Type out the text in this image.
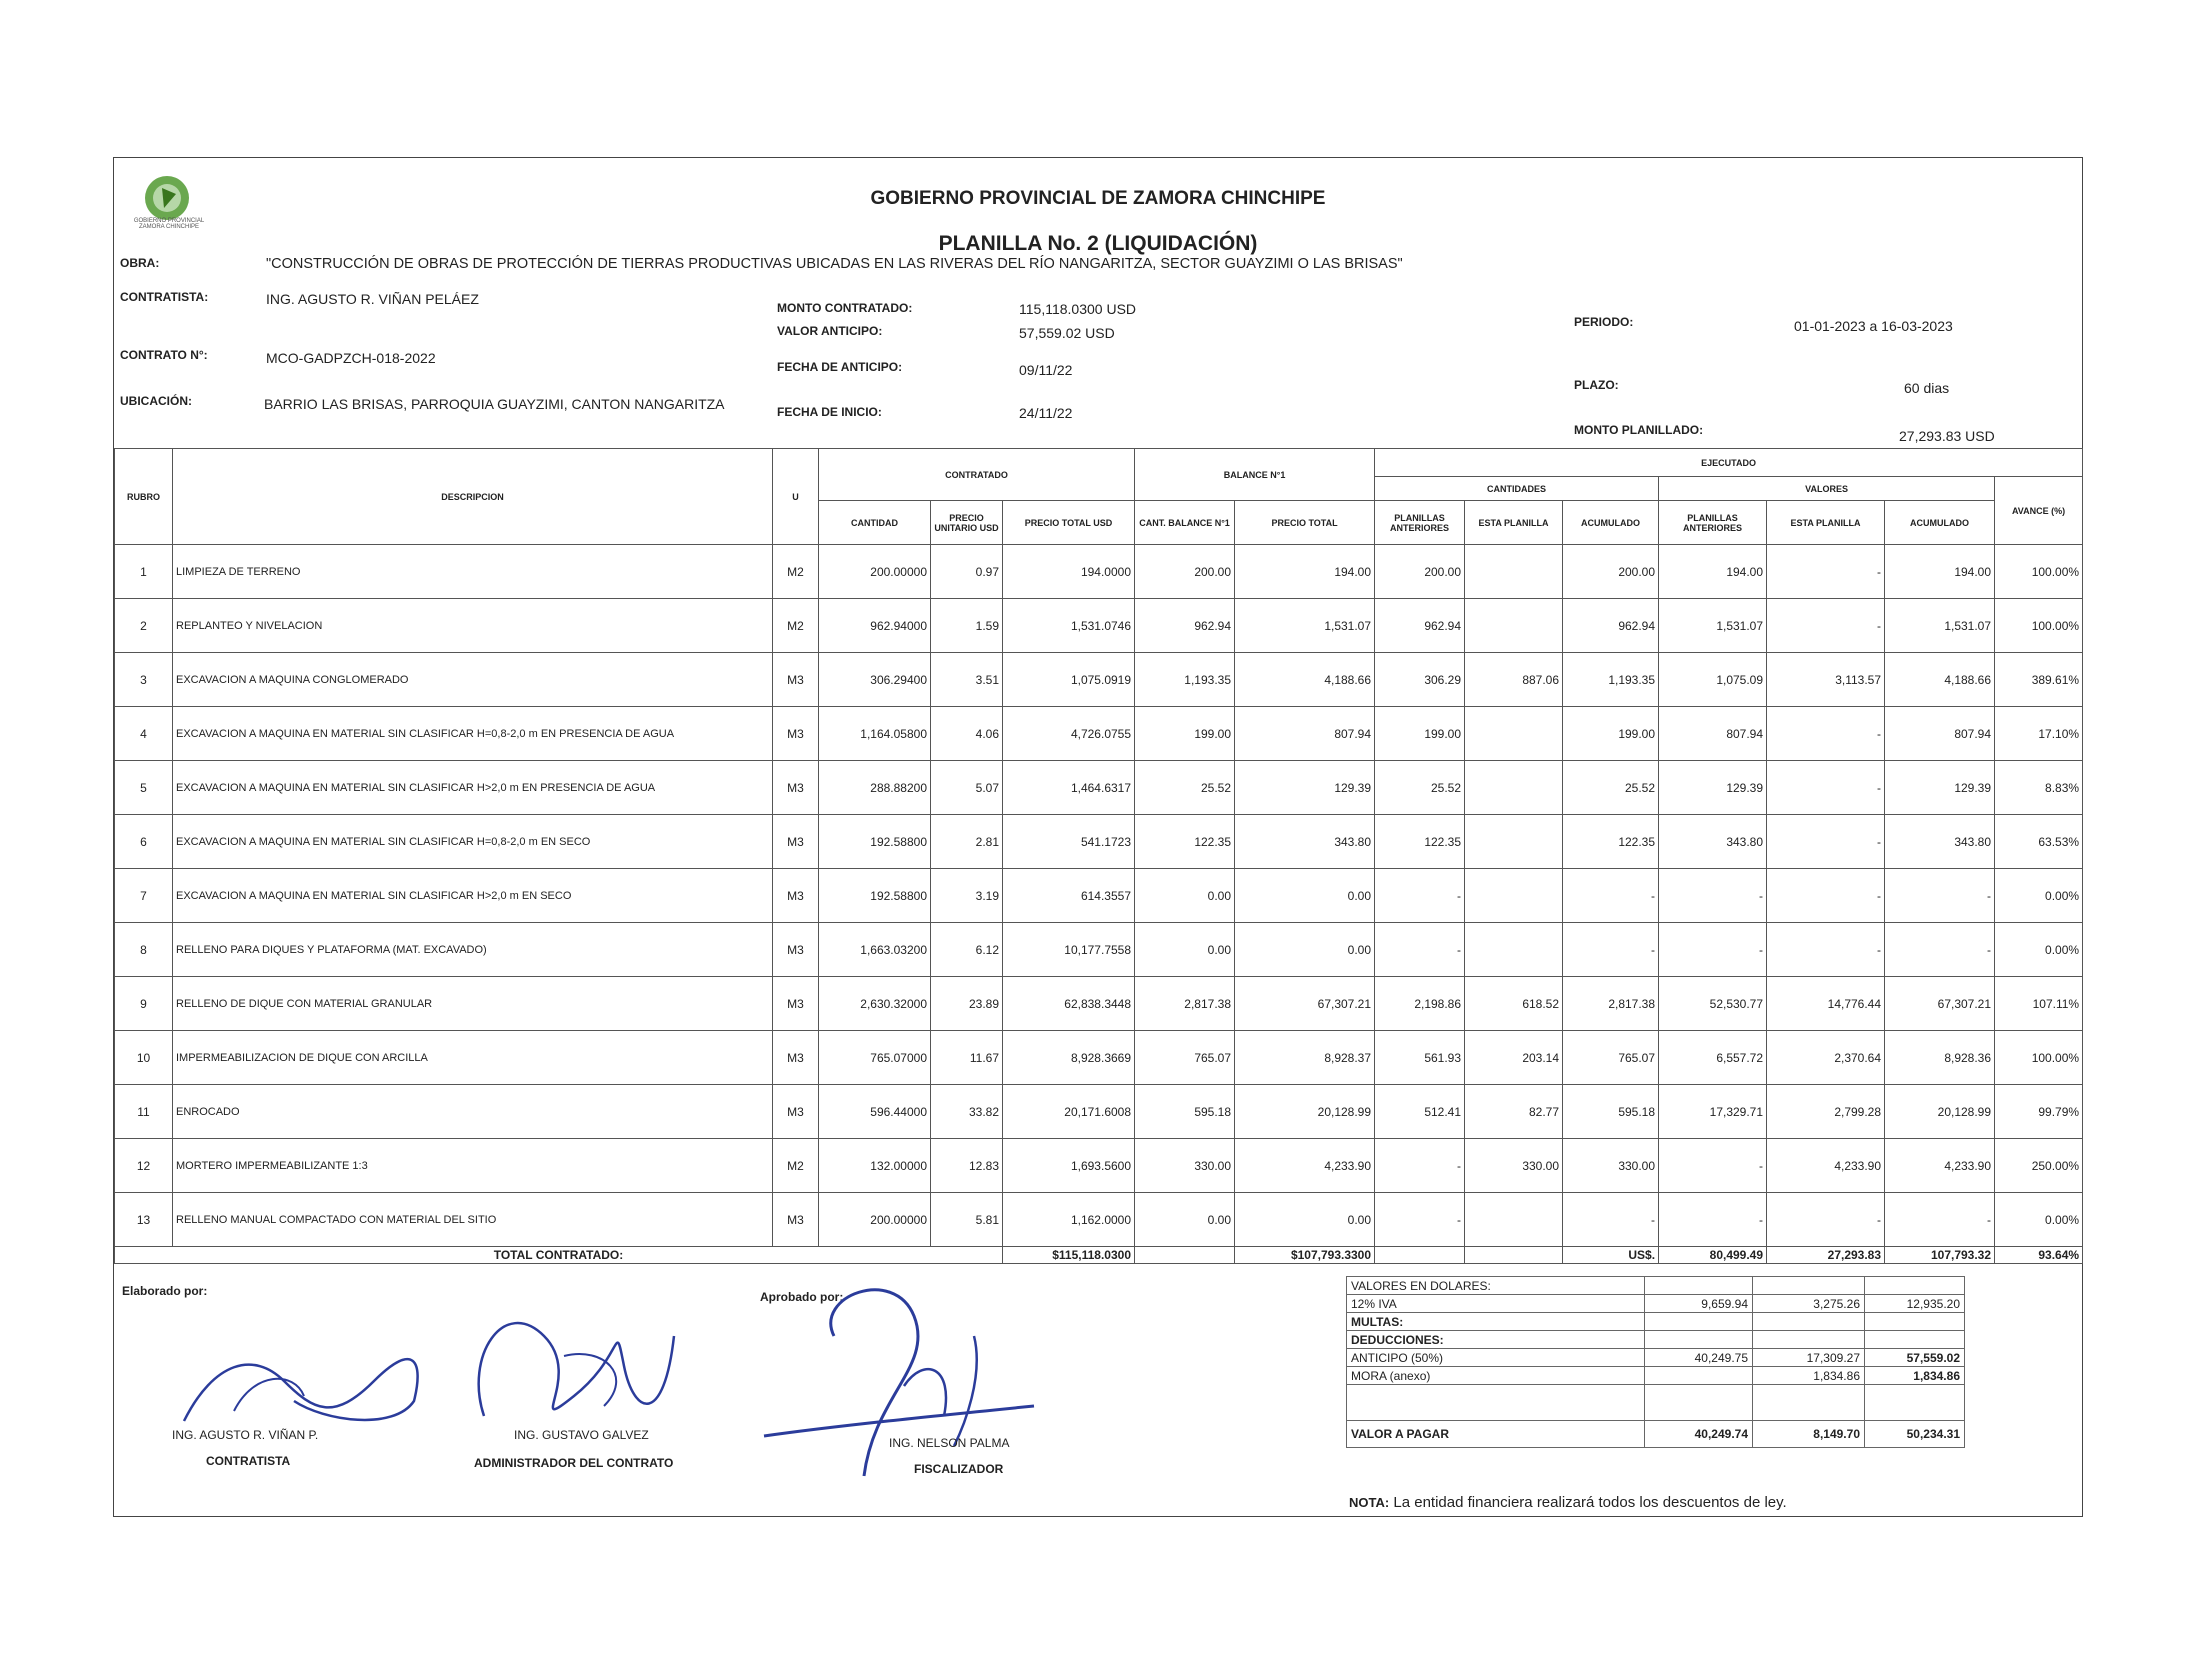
GOBIERNO PROVINCIAL ZAMORA CHINCHIPE
GOBIERNO PROVINCIAL DE ZAMORA CHINCHIPE
PLANILLA No. 2 (LIQUIDACIÓN)
OBRA:	"CONSTRUCCIÓN DE OBRAS DE PROTECCIÓN DE TIERRAS PRODUCTIVAS UBICADAS EN LAS RIVERAS DEL RÍO NANGARITZA, SECTOR GUAYZIMI O LAS BRISAS"
CONTRATISTA:	ING. AGUSTO R. VIÑAN PELÁEZ
CONTRATO N°:	MCO-GADPZCH-018-2022
UBICACIÓN:	BARRIO LAS BRISAS, PARROQUIA GUAYZIMI, CANTON NANGARITZA
MONTO CONTRATADO:	115,118.0300 USD
VALOR ANTICIPO:	57,559.02 USD
FECHA DE ANTICIPO:	09/11/22
FECHA DE INICIO:	24/11/22
PERIODO:	01-01-2023 a 16-03-2023
PLAZO:	60 dias
MONTO PLANILLADO:	27,293.83 USD
RUBRO	DESCRIPCION	U	CONTRATADO			BALANCE N°1		EJECUTADO						
								CANTIDADES			VALORES			AVANCE (%)
			CANTIDAD	PRECIO UNITARIO USD	PRECIO TOTAL USD	CANT. BALANCE N°1	PRECIO TOTAL	PLANILLAS ANTERIORES	ESTA PLANILLA	ACUMULADO	PLANILLAS ANTERIORES	ESTA PLANILLA	ACUMULADO	
1	LIMPIEZA DE TERRENO	M2	200.00000	0.97	194.0000	200.00	194.00	200.00		200.00	194.00	-	194.00	100.00%
2	REPLANTEO Y NIVELACION	M2	962.94000	1.59	1,531.0746	962.94	1,531.07	962.94		962.94	1,531.07	-	1,531.07	100.00%
3	EXCAVACION A MAQUINA CONGLOMERADO	M3	306.29400	3.51	1,075.0919	1,193.35	4,188.66	306.29	887.06	1,193.35	1,075.09	3,113.57	4,188.66	389.61%
4	EXCAVACION A MAQUINA EN MATERIAL SIN CLASIFICAR H=0,8-2,0 m EN PRESENCIA DE AGUA	M3	1,164.05800	4.06	4,726.0755	199.00	807.94	199.00		199.00	807.94	-	807.94	17.10%
5	EXCAVACION A MAQUINA EN MATERIAL SIN CLASIFICAR H>2,0 m EN PRESENCIA DE AGUA	M3	288.88200	5.07	1,464.6317	25.52	129.39	25.52		25.52	129.39	-	129.39	8.83%
6	EXCAVACION A MAQUINA EN MATERIAL SIN CLASIFICAR H=0,8-2,0 m EN SECO	M3	192.58800	2.81	541.1723	122.35	343.80	122.35		122.35	343.80	-	343.80	63.53%
7	EXCAVACION A MAQUINA EN MATERIAL SIN CLASIFICAR H>2,0 m EN SECO	M3	192.58800	3.19	614.3557	0.00	0.00	-		-	-	-	-	0.00%
8	RELLENO PARA DIQUES Y PLATAFORMA (MAT. EXCAVADO)	M3	1,663.03200	6.12	10,177.7558	0.00	0.00	-		-	-	-	-	0.00%
9	RELLENO DE DIQUE CON MATERIAL GRANULAR	M3	2,630.32000	23.89	62,838.3448	2,817.38	67,307.21	2,198.86	618.52	2,817.38	52,530.77	14,776.44	67,307.21	107.11%
10	IMPERMEABILIZACION DE DIQUE CON ARCILLA	M3	765.07000	11.67	8,928.3669	765.07	8,928.37	561.93	203.14	765.07	6,557.72	2,370.64	8,928.36	100.00%
11	ENROCADO	M3	596.44000	33.82	20,171.6008	595.18	20,128.99	512.41	82.77	595.18	17,329.71	2,799.28	20,128.99	99.79%
12	MORTERO IMPERMEABILIZANTE 1:3	M2	132.00000	12.83	1,693.5600	330.00	4,233.90	-	330.00	330.00	-	4,233.90	4,233.90	250.00%
13	RELLENO MANUAL COMPACTADO CON MATERIAL DEL SITIO	M3	200.00000	5.81	1,162.0000	0.00	0.00	-		-	-	-	-	0.00%
TOTAL CONTRATADO:					$115,118.0300		$107,793.3300			US$.	80,499.49	27,293.83	107,793.32	93.64%
Elaborado por:	Aprobado por:
ING. AGUSTO R. VIÑAN P.
CONTRATISTA
ING. GUSTAVO GALVEZ
ADMINISTRADOR DEL CONTRATO
ING. NELSON PALMA
FISCALIZADOR
VALORES EN DOLARES:			
12% IVA	9,659.94	3,275.26	12,935.20
MULTAS:			
DEDUCCIONES:			
ANTICIPO (50%)	40,249.75	17,309.27	57,559.02
MORA (anexo)		1,834.86	1,834.86

VALOR A PAGAR	40,249.74	8,149.70	50,234.31
NOTA: La entidad financiera realizará todos los descuentos de ley.
